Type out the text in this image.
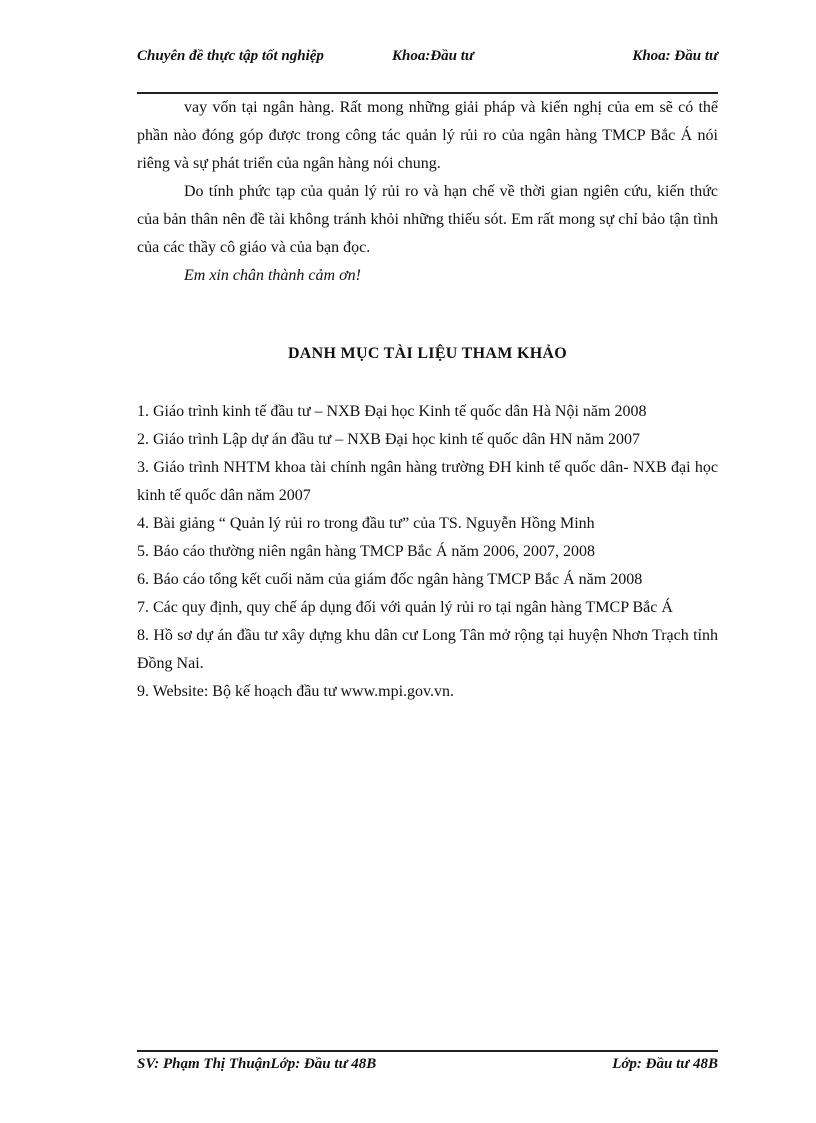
Chuyên đề thực tập tốt nghiệp	Khoa:Đầu tư	Khoa: Đầu tư

vay vốn tại ngân hàng. Rất mong những giải pháp và kiến nghị của em sẽ có thể phần nào đóng góp được trong công tác quản lý rủi ro của ngân hàng TMCP Bắc Á nói riêng và sự phát triển của ngân hàng nói chung.

Do tính phức tạp của quản lý rủi ro và hạn chế về thời gian ngiên cứu, kiến thức của bản thân nên đề tài không tránh khỏi những thiếu sót. Em rất mong sự chỉ bảo tận tình của các thầy cô giáo và của bạn đọc.

Em xin chân thành cảm ơn!

DANH MỤC TÀI LIỆU THAM KHẢO
1. Giáo trình kinh tế đầu tư – NXB Đại học Kinh tế quốc dân Hà Nội năm 2008
2. Giáo trình Lập dự án đầu tư – NXB Đại học kinh tế quốc dân HN năm 2007
3. Giáo trình NHTM khoa tài chính ngân hàng trường ĐH kinh tế quốc dân- NXB đại học kinh tế quốc dân năm 2007
4. Bài giảng “ Quản lý rủi ro trong đầu tư” của TS. Nguyễn Hồng Minh
5. Báo cáo thường niên ngân hàng TMCP Bắc Á năm 2006, 2007, 2008
6. Báo cáo tổng kết cuối năm của giám đốc ngân hàng TMCP Bắc Á năm 2008
7. Các quy định, quy chế áp dụng đối với quản lý rủi ro tại ngân hàng TMCP Bắc Á
8. Hồ sơ dự án đầu tư xây dựng khu dân cư Long Tân mở rộng tại huyện Nhơn Trạch tỉnh Đồng Nai.
9. Website: Bộ kế hoạch đầu tư www.mpi.gov.vn.
SV: Phạm Thị ThuậnLớp: Đầu tư 48B	Lớp: Đầu tư 48B
